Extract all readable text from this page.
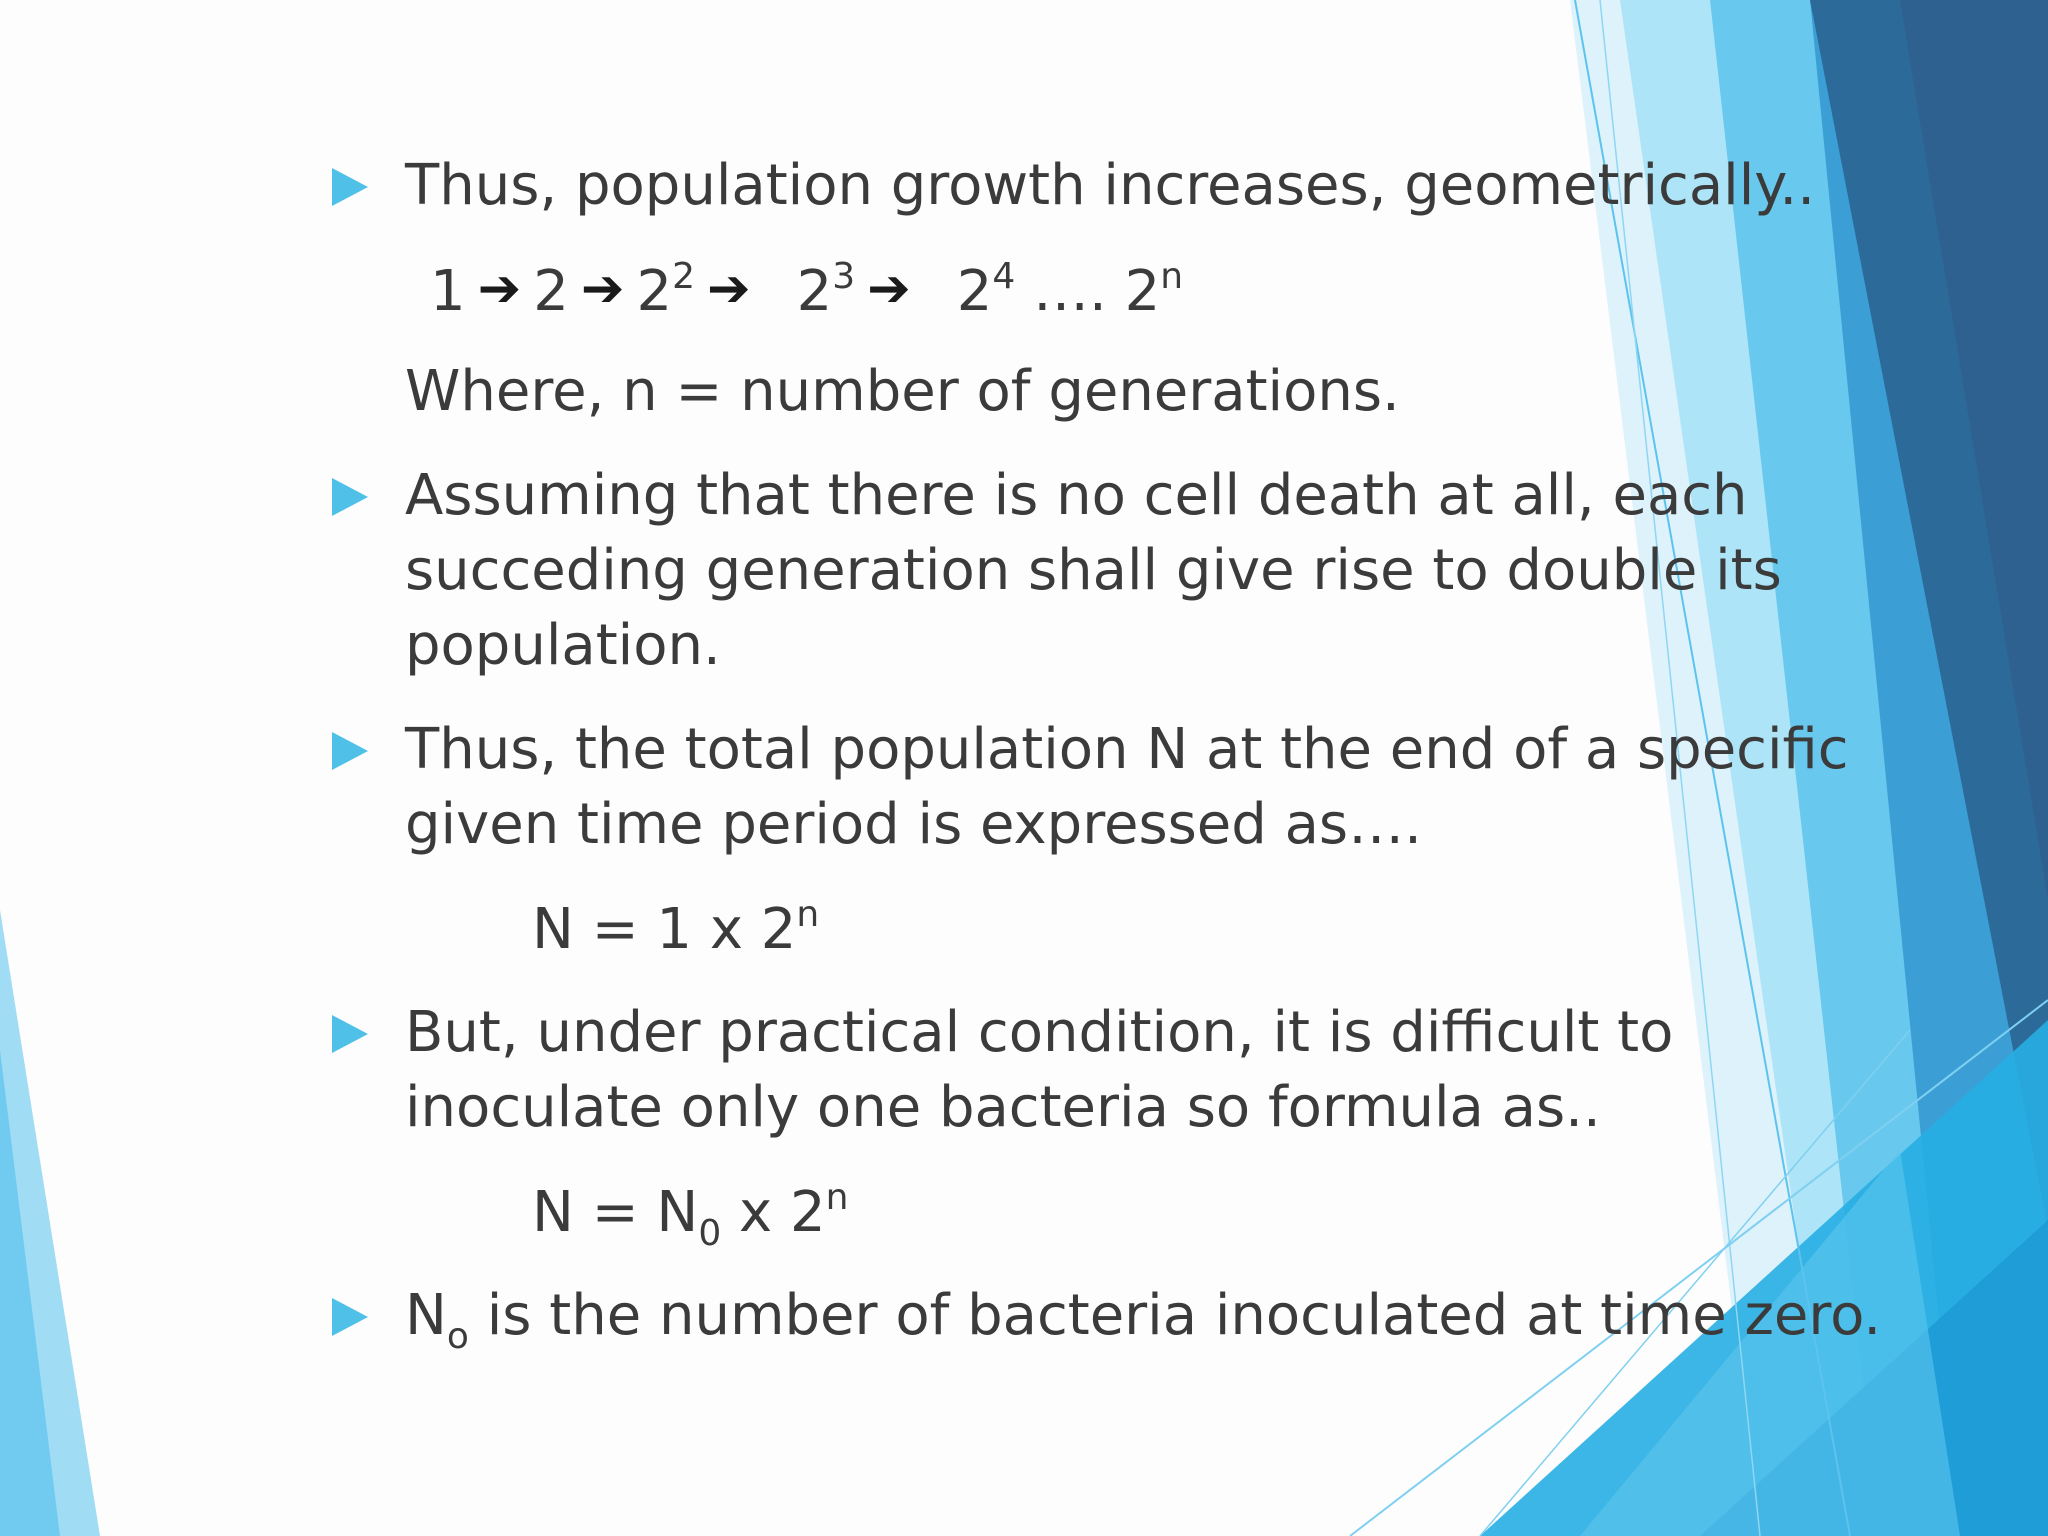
Thus, population growth increases, geometrically..
1 ➔ 2 ➔ $2^2$ ➔ $2^3$ ➔ $2^4$ …. 2$^n$
Where, n = number of generations.
Assuming that there is no cell death at all, each
succeding generation shall give rise to double its
population.
Thus, the total population N at the end of a specific
given time period is expressed as….
N = 1 x 2$^n$
But, under practical condition, it is difficult to
inoculate only one bacteria so formula as..
$N = N_0$ x 2$^n$
$N_o$ is the number of bacteria inoculated at time zero.
